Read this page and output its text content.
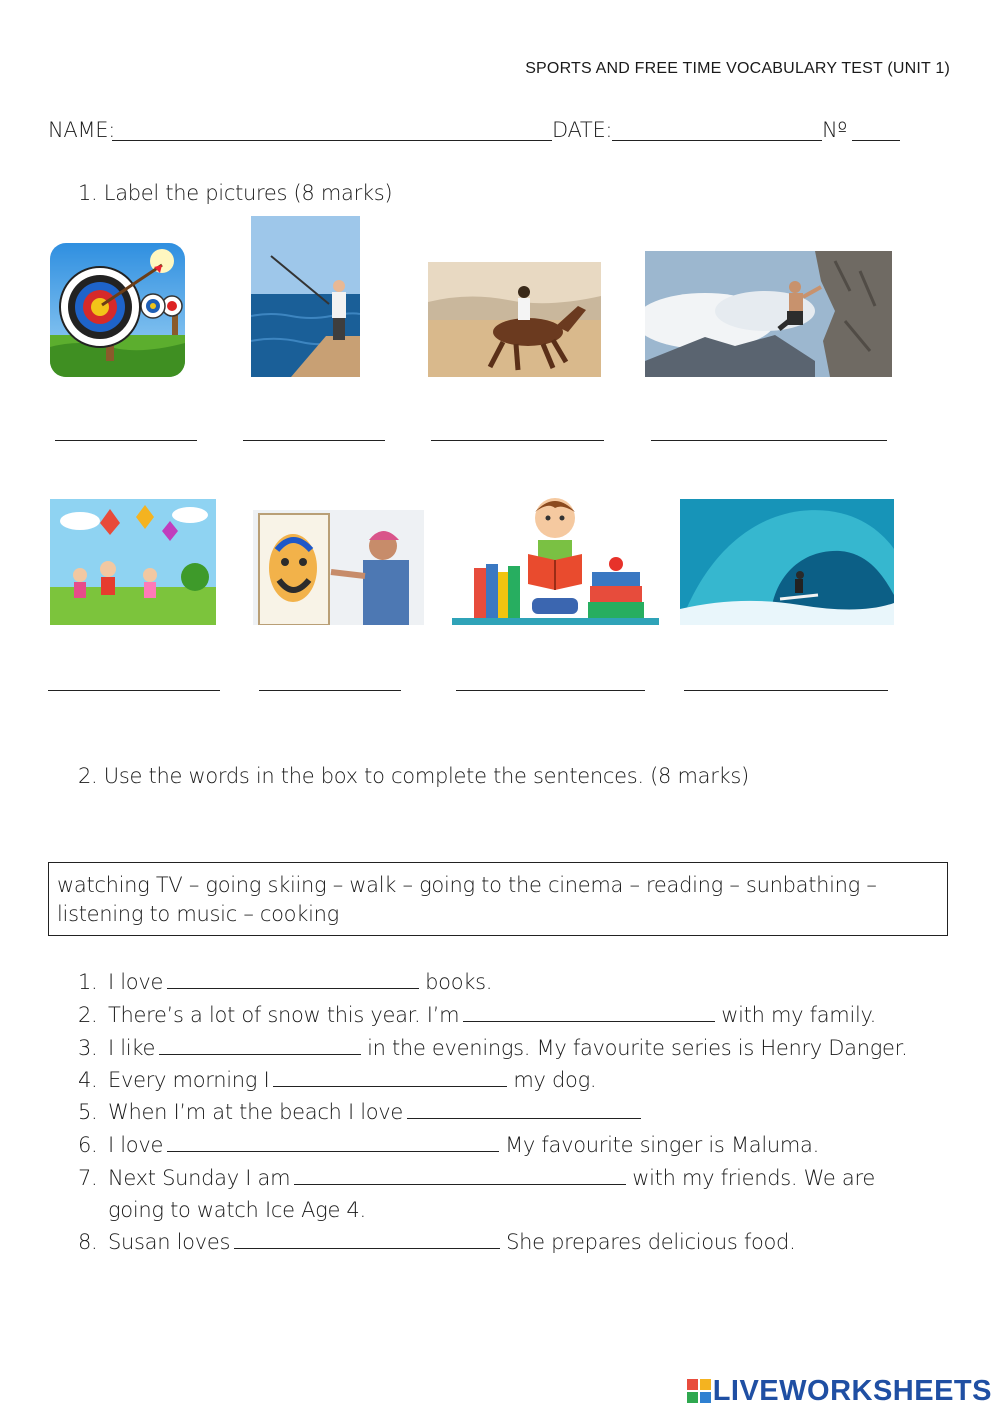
SPORTS AND FREE TIME VOCABULARY TEST (UNIT 1)
NAME:	DATE:	Nº
1. Label the pictures (8 marks)
2. Use the words in the box to complete the sentences. (8 marks)
watching TV – going skiing – walk – going to the cinema – reading – sunbathing –
listening to music – cooking
1. I love	books.
2. There’s a lot of snow this year. I’m	with my family.
3. I like	in the evenings. My favourite series is Henry Danger.
4. Every morning I	my dog.
5. When I’m at the beach I love
6. I love	My favourite singer is Maluma.
7. Next Sunday I am	with my friends. We are
going to watch Ice Age 4.
8. Susan loves	She prepares delicious food.
LIVEWORKSHEETS
